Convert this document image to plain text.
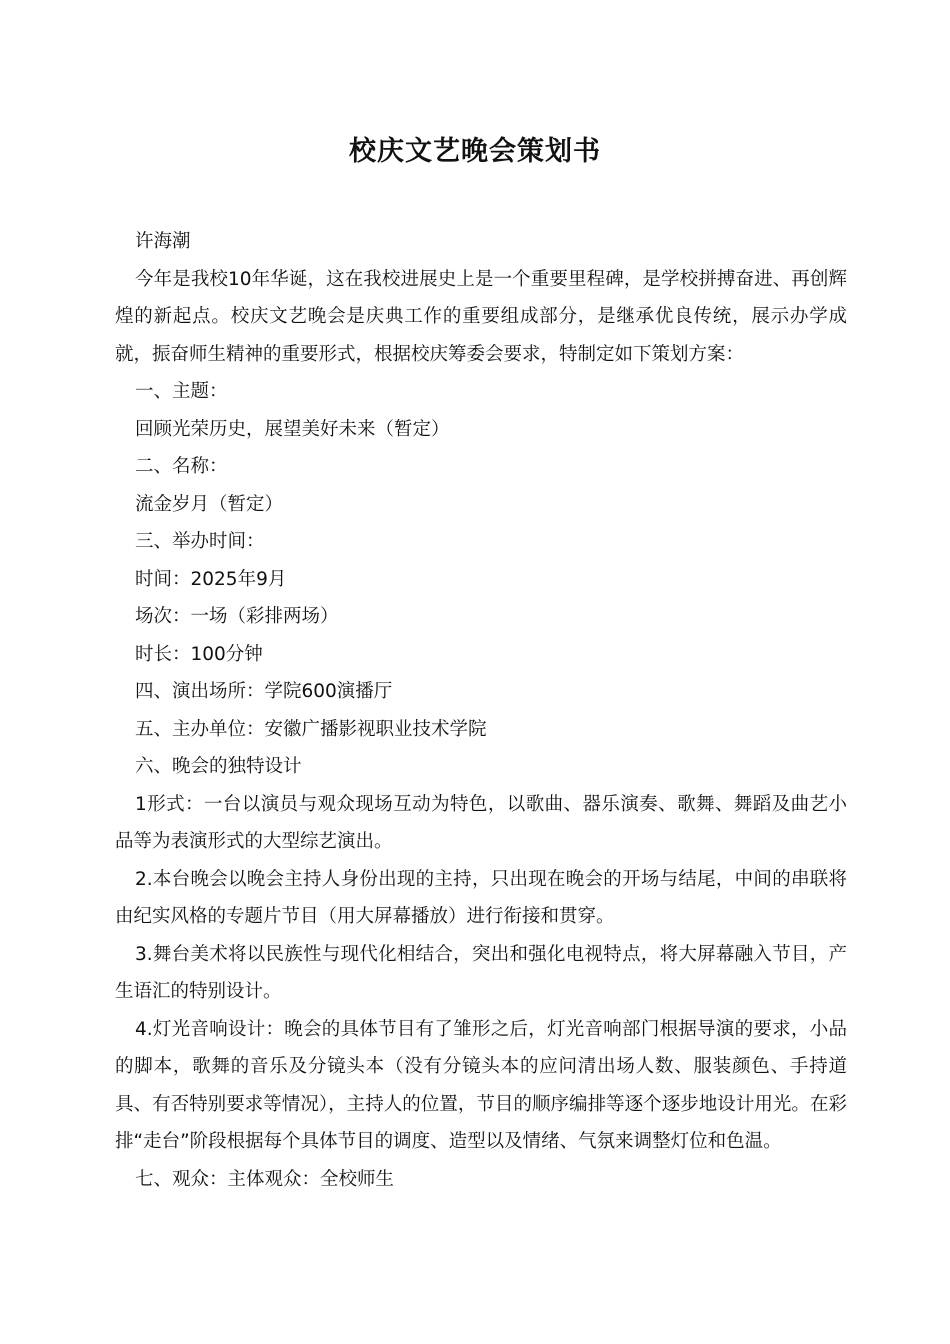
校庆文艺晚会策划书

许海潮

今年是我校10年华诞，这在我校进展史上是一个重要里程碑，是学校拼搏奋进、再创辉煌的新起点。校庆文艺晚会是庆典工作的重要组成部分，是继承优良传统，展示办学成就，振奋师生精神的重要形式，根据校庆筹委会要求，特制定如下策划方案：

一、主题：

回顾光荣历史，展望美好未来（暂定）

二、名称：

流金岁月（暂定）

三、举办时间：

时间：2025年9月

场次：一场（彩排两场）

时长：100分钟

四、演出场所：学院600演播厅

五、主办单位：安徽广播影视职业技术学院

六、晚会的独特设计

1形式：一台以演员与观众现场互动为特色，以歌曲、器乐演奏、歌舞、舞蹈及曲艺小品等为表演形式的大型综艺演出。

2.本台晚会以晚会主持人身份出现的主持，只出现在晚会的开场与结尾，中间的串联将由纪实风格的专题片节目（用大屏幕播放）进行衔接和贯穿。

3.舞台美术将以民族性与现代化相结合，突出和强化电视特点，将大屏幕融入节目，产生语汇的特别设计。

4.灯光音响设计：晚会的具体节目有了雏形之后，灯光音响部门根据导演的要求，小品的脚本，歌舞的音乐及分镜头本（没有分镜头本的应问清出场人数、服装颜色、手持道具、有否特别要求等情况），主持人的位置，节目的顺序编排等逐个逐步地设计用光。在彩排“走台”阶段根据每个具体节目的调度、造型以及情绪、气氛来调整灯位和色温。

七、观众：主体观众：全校师生
